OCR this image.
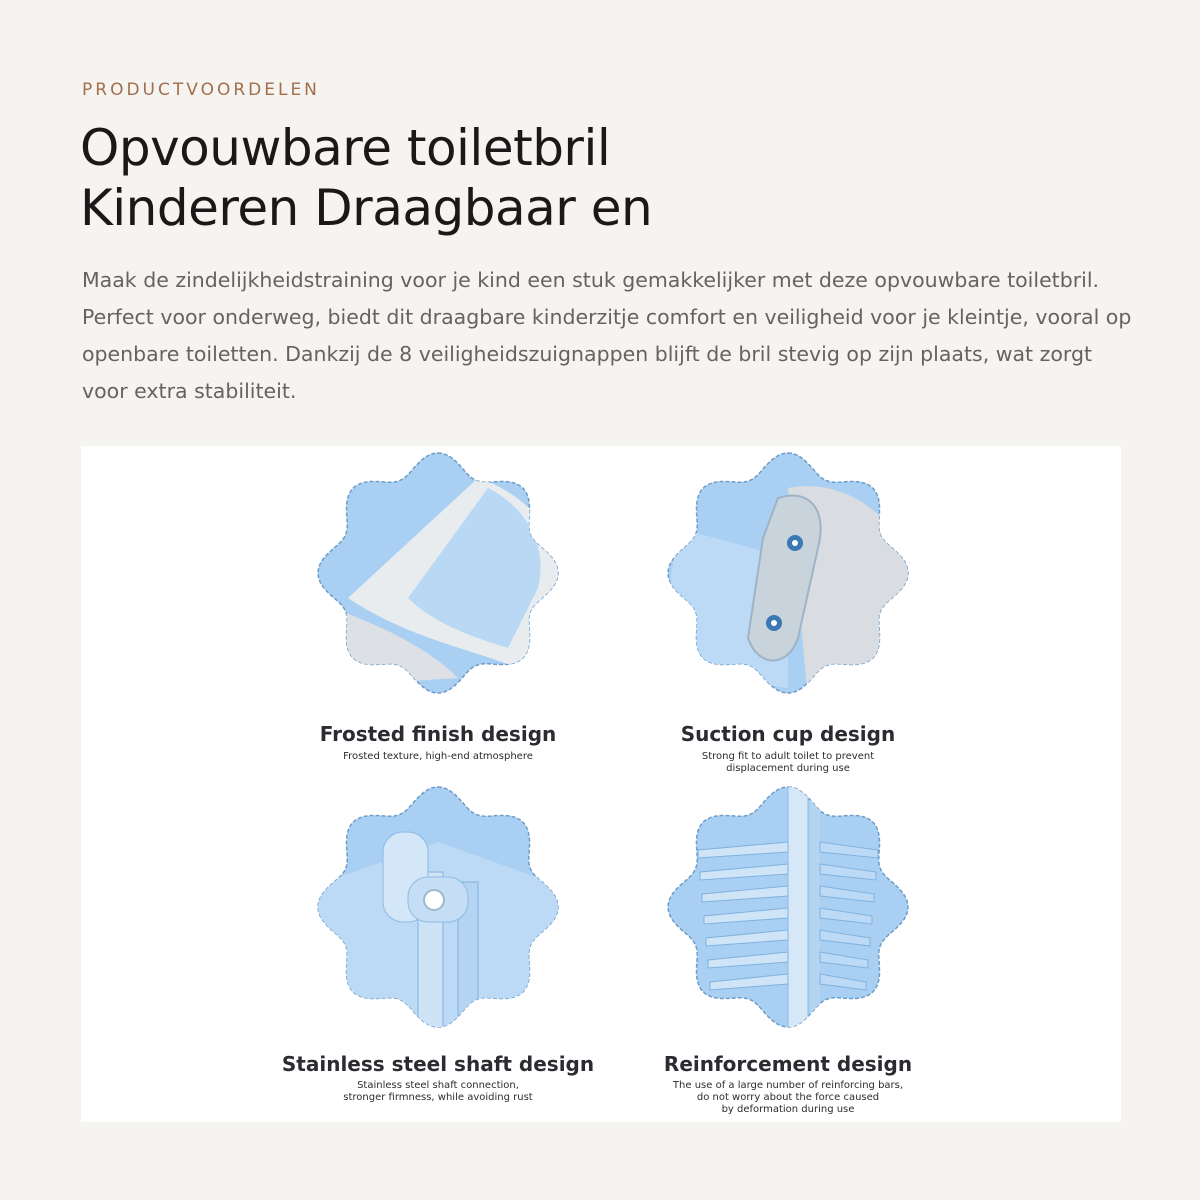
PRODUCTVOORDELEN
Opvouwbare toiletbril
Kinderen Draagbaar en

Maak de zindelijkheidstraining voor je kind een stuk gemakkelijker met deze opvouwbare toiletbril. Perfect voor onderweg, biedt dit draagbare kinderzitje comfort en veiligheid voor je kleintje, vooral op openbare toiletten. Dankzij de 8 veiligheidszuignappen blijft de bril stevig op zijn plaats, wat zorgt voor extra stabiliteit.

Frosted finish design
Frosted texture, high-end atmosphere
Suction cup design
Strong fit to adult toilet to prevent
displacement during use
Stainless steel shaft design
Stainless steel shaft connection,
stronger firmness, while avoiding rust
Reinforcement design
The use of a large number of reinforcing bars,
do not worry about the force caused
by deformation during use
